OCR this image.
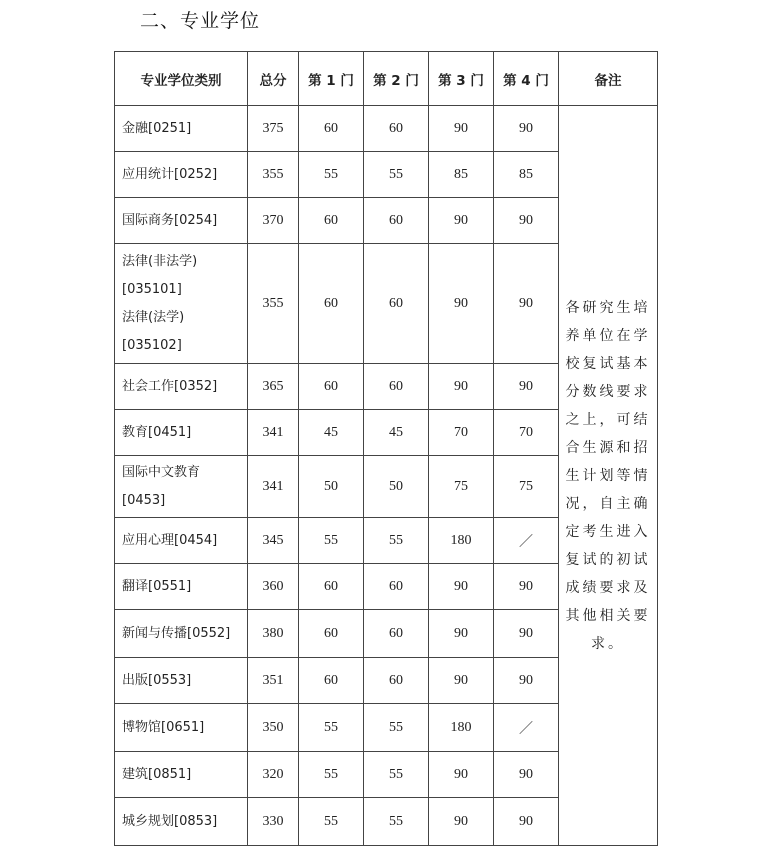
二、专业学位
专业学位类别	总分	第 1 门	第 2 门	第 3 门	第 4 门	备注
金融[0251]	375	60	60	90	90	各研究生培养单位在学校复试基本分数线要求之上，可结合生源和招生计划等情况，自主确定考生进入复试的初试成绩要求及其他相关要求。
应用统计[0252]	355	55	55	85	85	
国际商务[0254]	370	60	60	90	90	

法律(非法学)
[035101]
法律(法学)
[035102]	355	60	60	90	90	
社会工作[0352]	365	60	60	90	90	
教育[0451]	341	45	45	70	70	

国际中文教育
[0453]	341	50	50	75	75	
应用心理[0454]	345	55	55	180	／	
翻译[0551]	360	60	60	90	90	
新闻与传播[0552]	380	60	60	90	90	
出版[0553]	351	60	60	90	90	
博物馆[0651]	350	55	55	180	／	
建筑[0851]	320	55	55	90	90	
城乡规划[0853]	330	55	55	90	90	
